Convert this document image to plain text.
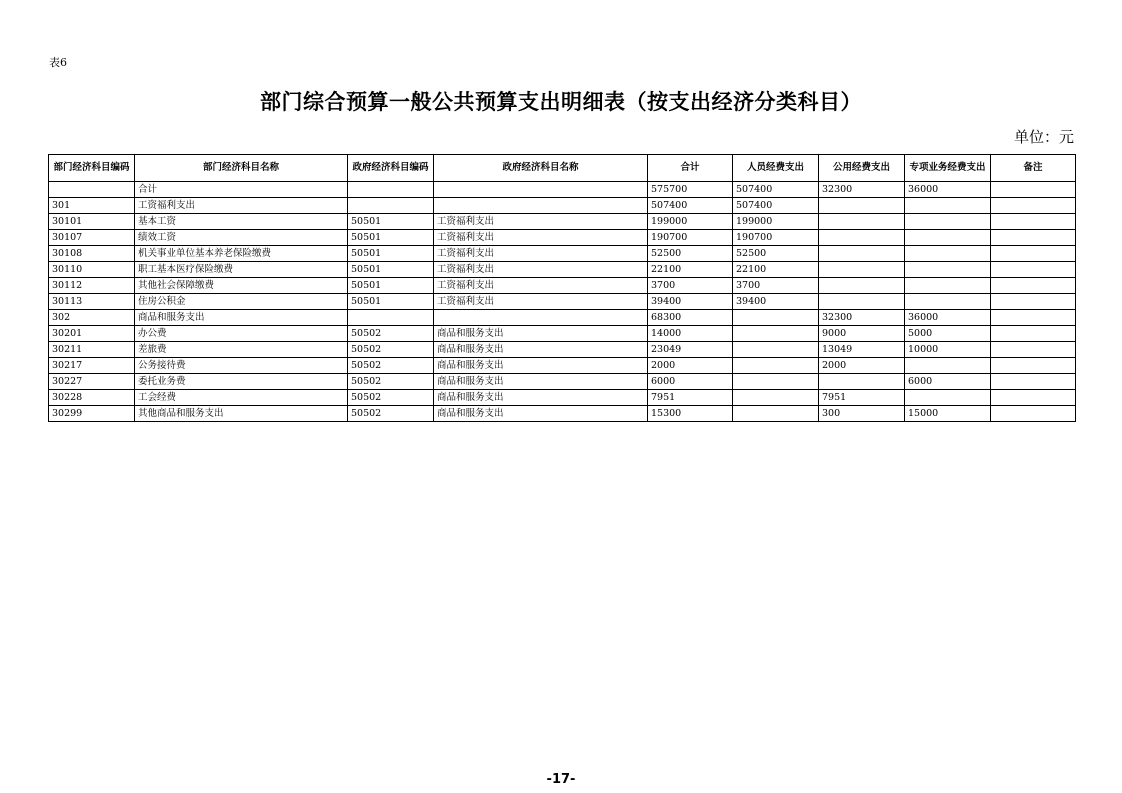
表6
部门综合预算一般公共预算支出明细表（按支出经济分类科目）
单位：元
部门经济科目编码	部门经济科目名称	政府经济科目编码	政府经济科目名称	合计	人员经费支出	公用经费支出	专项业务经费支出	备注
	合计			575700	507400	32300	36000	
301	工资福利支出			507400	507400			
30101	基本工资	50501	工资福利支出	199000	199000			
30107	绩效工资	50501	工资福利支出	190700	190700			
30108	机关事业单位基本养老保险缴费	50501	工资福利支出	52500	52500			
30110	职工基本医疗保险缴费	50501	工资福利支出	22100	22100			
30112	其他社会保障缴费	50501	工资福利支出	3700	3700			
30113	住房公积金	50501	工资福利支出	39400	39400			
302	商品和服务支出			68300		32300	36000	
30201	办公费	50502	商品和服务支出	14000		9000	5000	
30211	差旅费	50502	商品和服务支出	23049		13049	10000	
30217	公务接待费	50502	商品和服务支出	2000		2000		
30227	委托业务费	50502	商品和服务支出	6000			6000	
30228	工会经费	50502	商品和服务支出	7951		7951		
30299	其他商品和服务支出	50502	商品和服务支出	15300		300	15000	
-17-
